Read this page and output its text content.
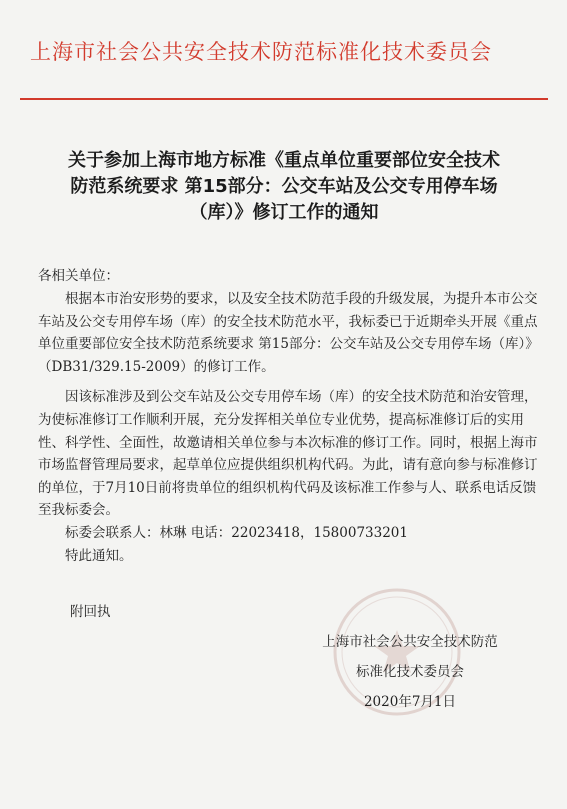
上海市社会公共安全技术防范标准化技术委员会
关于参加上海市地方标准《重点单位重要部位安全技术
防范系统要求 第15部分：公交车站及公交专用停车场
（库）》修订工作的通知
各相关单位：

根据本市治安形势的要求，以及安全技术防范手段的升级发展，为提升本市公交车站及公交专用停车场（库）的安全技术防范水平，我标委已于近期牵头开展《重点单位重要部位安全技术防范系统要求 第15部分：公交车站及公交专用停车场（库）》（DB31/329.15-2009）的修订工作。

因该标准涉及到公交车站及公交专用停车场（库）的安全技术防范和治安管理，为使标准修订工作顺利开展，充分发挥相关单位专业优势，提高标准修订后的实用性、科学性、全面性，故邀请相关单位参与本次标准的修订工作。同时，根据上海市市场监督管理局要求，起草单位应提供组织机构代码。为此，请有意向参与标准修订的单位，于7月10日前将贵单位的组织机构代码及该标准工作参与人、联系电话反馈至我标委会。

标委会联系人：林琳 电话：22023418，15800733201

特此通知。

附回执
上海市社会公共安全技术防范
标准化技术委员会
2020年7月1日
